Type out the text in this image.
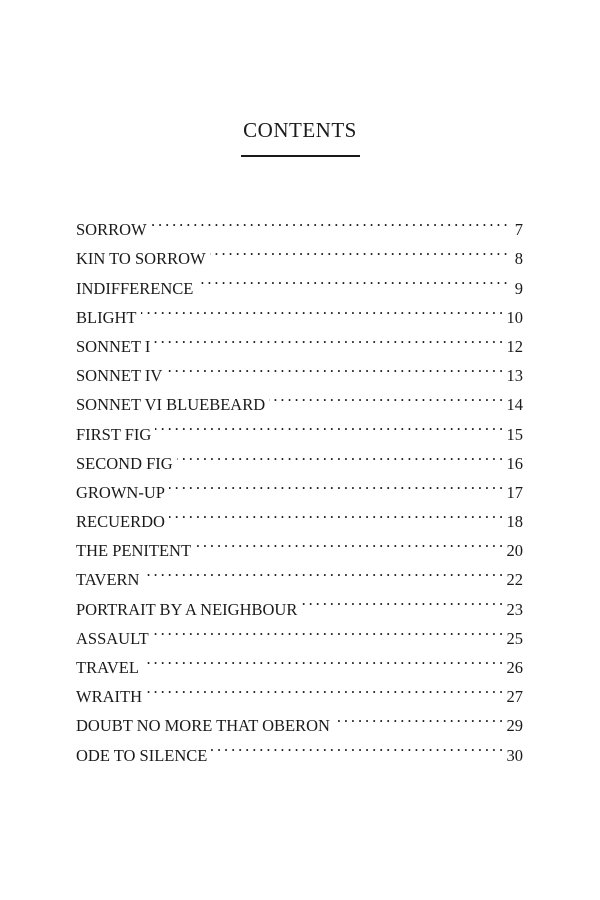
CONTENTS
SORROW . . .	7
KIN TO SORROW . . .	8
INDIFFERENCE . . .	9
BLIGHT . . .	10
SONNET I . . .	12
SONNET IV . . .	13
SONNET VI BLUEBEARD . . .	14
FIRST FIG . . .	15
SECOND FIG . . .	16
GROWN-UP . . .	17
RECUERDO . . .	18
THE PENITENT . . .	20
TAVERN . . .	22
PORTRAIT BY A NEIGHBOUR . . .	23
ASSAULT . . .	25
TRAVEL . . .	26
WRAITH . . .	27
DOUBT NO MORE THAT OBERON . . .	29
ODE TO SILENCE . . .	30
